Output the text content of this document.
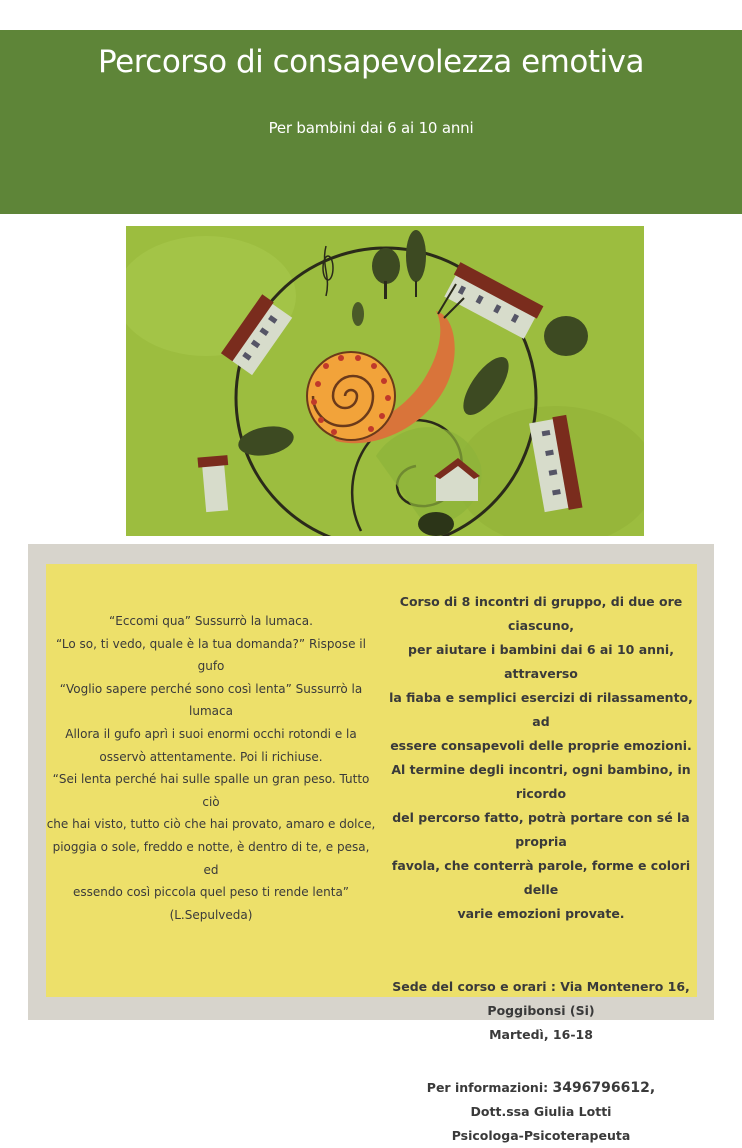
Percorso di consapevolezza emotiva
Per bambini dai 6 ai 10 anni

“Eccomi qua” Sussurrò la lumaca.

“Lo so, ti vedo, quale è la tua domanda?” Rispose il

gufo

“Voglio sapere perché sono così lenta” Sussurrò la

lumaca

Allora il gufo aprì i suoi enormi occhi rotondi e la

osservò attentamente. Poi li richiuse.

“Sei lenta perché hai sulle spalle un gran peso. Tutto ciò

che hai visto, tutto ciò che hai provato, amaro e dolce,

pioggia o sole, freddo e notte, è dentro di te, e pesa, ed

essendo così piccola quel peso ti rende lenta”

(L.Sepulveda)

Corso di 8 incontri di gruppo, di due ore ciascuno,

per aiutare i bambini dai 6 ai 10 anni, attraverso

la fiaba e semplici esercizi di rilassamento, ad

essere consapevoli delle proprie emozioni.

Al termine degli incontri, ogni bambino, in ricordo

del percorso fatto, potrà portare con sé la propria

favola, che conterrà parole, forme e colori delle

varie emozioni provate.

Sede del corso e orari : Via Montenero 16,

Poggibonsi (Si)

Martedì, 16-18

Per informazioni: 3496796612,

Dott.ssa Giulia Lotti

Psicologa-Psicoterapeuta
